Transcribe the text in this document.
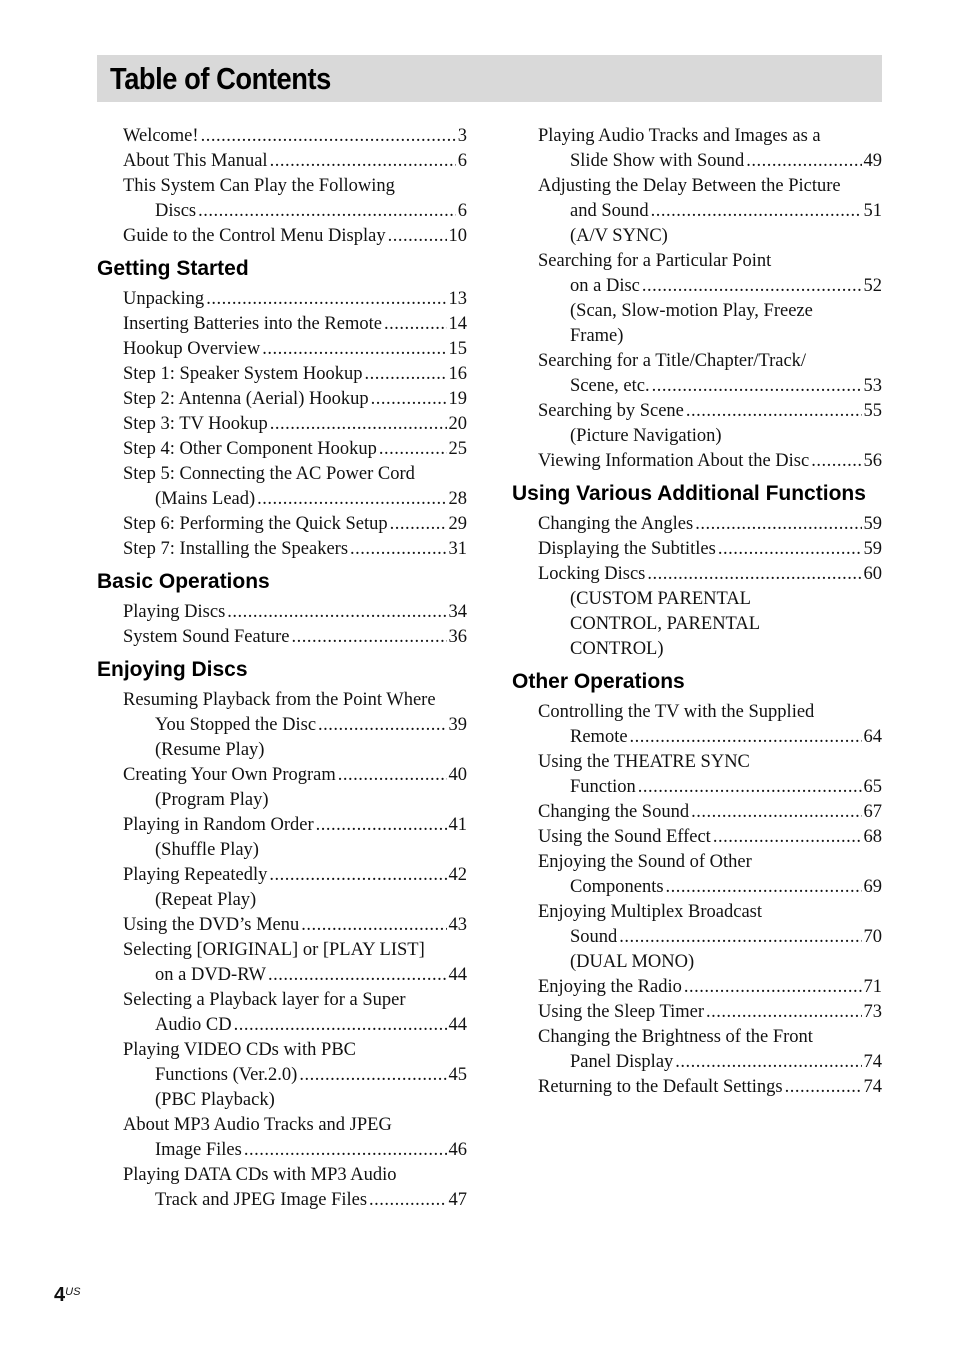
Table of Contents
Welcome! .....	3
About This Manual .....	6
This System Can Play the Following
Discs .....	6
Guide to the Control Menu Display .....	10
Getting Started
Unpacking .....	13
Inserting Batteries into the Remote .....	14
Hookup Overview .....	15
Step 1: Speaker System Hookup .....	16
Step 2: Antenna (Aerial) Hookup .....	19
Step 3: TV Hookup .....	20
Step 4: Other Component Hookup .....	25
Step 5: Connecting the AC Power Cord
(Mains Lead) .....	28
Step 6: Performing the Quick Setup .....	29
Step 7: Installing the Speakers .....	31
Basic Operations
Playing Discs .....	34
System Sound Feature .....	36
Enjoying Discs
Resuming Playback from the Point Where
You Stopped the Disc .....	39
(Resume Play)
Creating Your Own Program .....	40
(Program Play)
Playing in Random Order .....	41
(Shuffle Play)
Playing Repeatedly .....	42
(Repeat Play)
Using the DVD’s Menu .....	43
Selecting [ORIGINAL] or [PLAY LIST]
on a DVD-RW .....	44
Selecting a Playback layer for a Super
Audio CD .....	44
Playing VIDEO CDs with PBC
Functions (Ver.2.0) .....	45
(PBC Playback)
About MP3 Audio Tracks and JPEG
Image Files .....	46
Playing DATA CDs with MP3 Audio
Track and JPEG Image Files .....	47
Playing Audio Tracks and Images as a
Slide Show with Sound .....	49
Adjusting the Delay Between the Picture
and Sound .....	51
(A/V SYNC)
Searching for a Particular Point
on a Disc .....	52
(Scan, Slow-motion Play, Freeze
Frame)
Searching for a Title/Chapter/Track/
Scene, etc. .....	53
Searching by Scene .....	55
(Picture Navigation)
Viewing Information About the Disc .....	56
Using Various Additional Functions
Changing the Angles .....	59
Displaying the Subtitles .....	59
Locking Discs .....	60
(CUSTOM PARENTAL
CONTROL, PARENTAL
CONTROL)
Other Operations
Controlling the TV with the Supplied
Remote .....	64
Using the THEATRE SYNC
Function .....	65
Changing the Sound .....	67
Using the Sound Effect .....	68
Enjoying the Sound of Other
Components .....	69
Enjoying Multiplex Broadcast
Sound .....	70
(DUAL MONO)
Enjoying the Radio .....	71
Using the Sleep Timer .....	73
Changing the Brightness of the Front
Panel Display .....	74
Returning to the Default Settings .....	74
$4^{US}$
